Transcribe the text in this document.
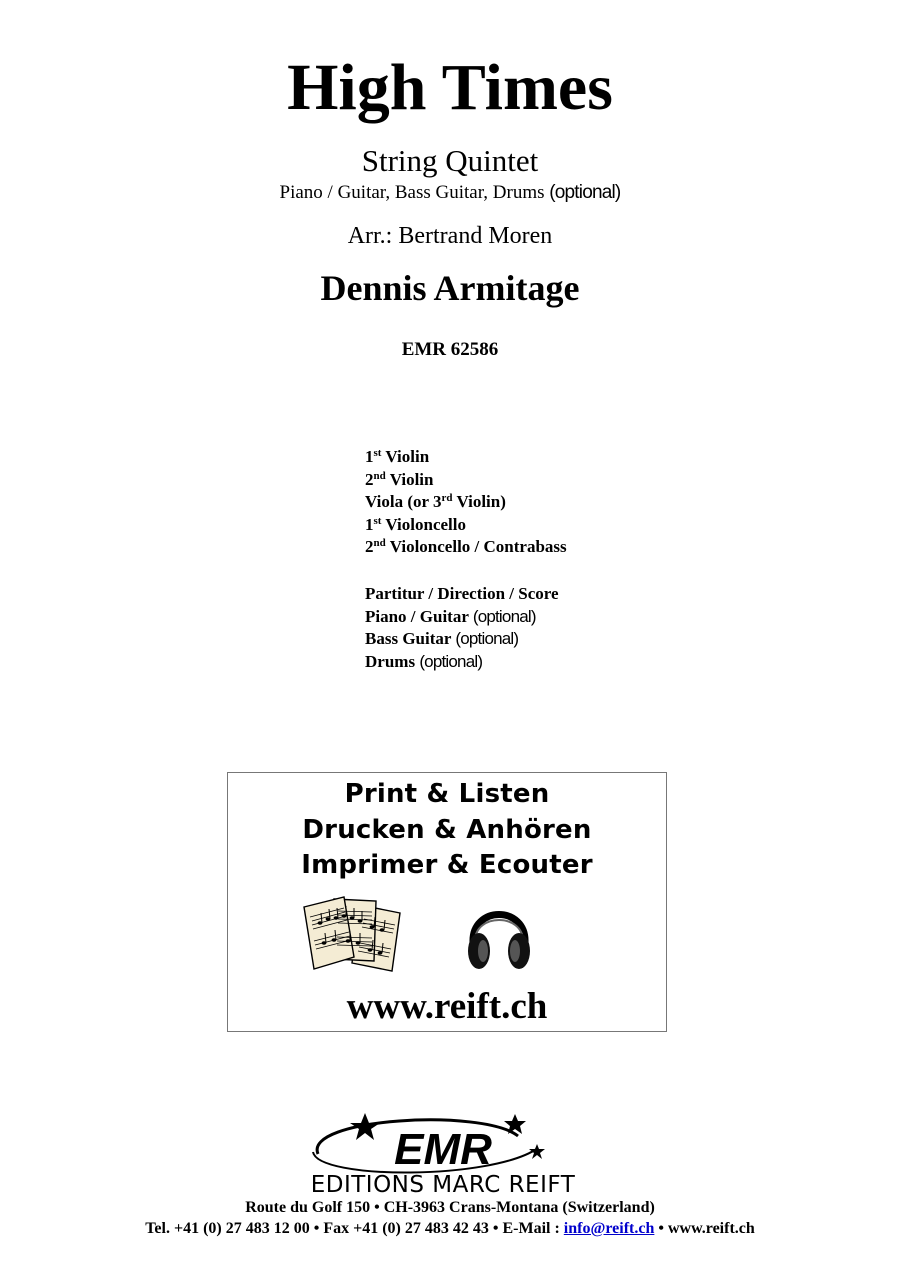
High Times
String Quintet
Piano / Guitar, Bass Guitar, Drums (optional)
Arr.: Bertrand Moren
Dennis Armitage
EMR 62586
1st Violin
2nd Violin
Viola (or 3rd Violin)
1st Violoncello
2nd Violoncello / Contrabass
Partitur / Direction / Score
Piano / Guitar (optional)
Bass Guitar (optional)
Drums (optional)
Print & Listen
Drucken & Anhören
Imprimer & Ecouter
www.reift.ch
EMR
EDITIONS MARC REIFT
Route du Golf 150 • CH-3963 Crans-Montana (Switzerland)
Tel. +41 (0) 27 483 12 00 • Fax +41 (0) 27 483 42 43 • E-Mail : info@reift.ch • www.reift.ch
